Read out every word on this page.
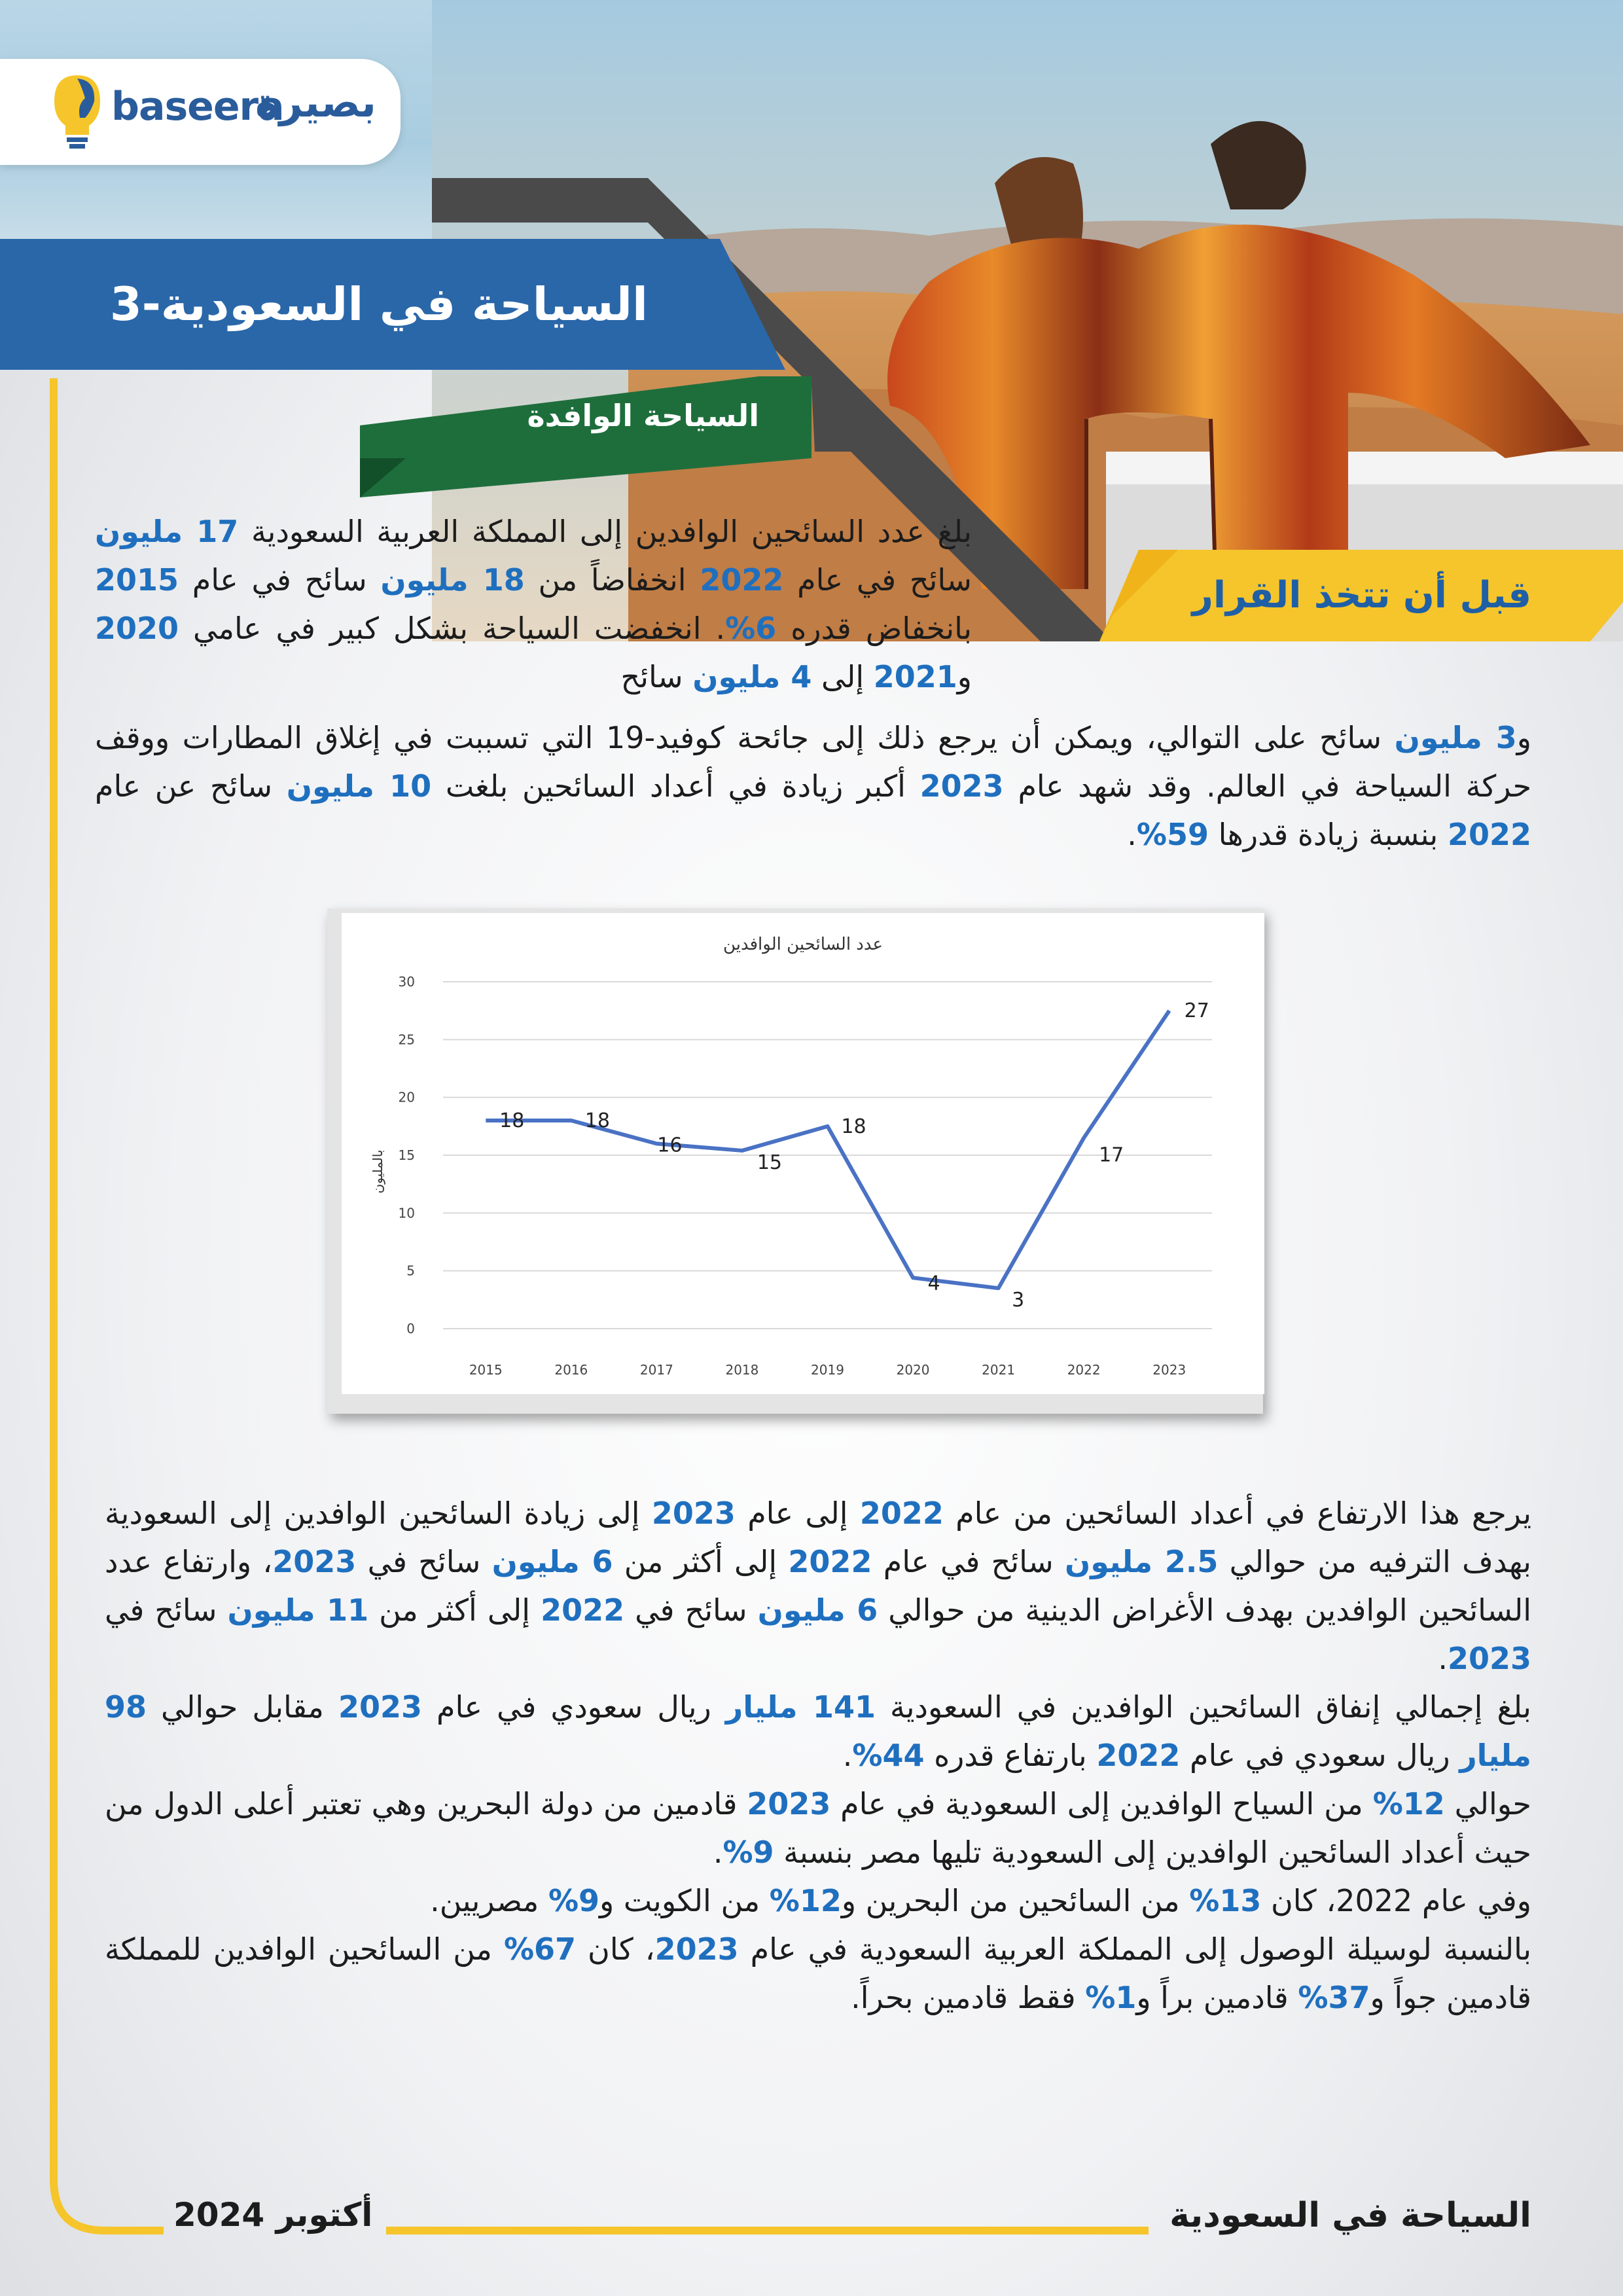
baseera
بصيرة
3-السياحة في السعودية
السياحة الوافدة
قبل أن تتخذ القرار
بلغ عدد السائحين الوافدين إلى المملكة العربية السعودية 17 مليون سائح في عام 2022 انخفاضاً من 18 مليون سائح في عام 2015 بانخفاض قدره 6%. انخفضت السياحة بشكل كبير في عامي 2020 و2021 إلى 4 مليون سائح
و3 مليون سائح على التوالي، ويمكن أن يرجع ذلك إلى جائحة كوفيد-19 التي تسببت في إغلاق المطارات ووقف حركة السياحة في العالم. وقد شهد عام 2023 أكبر زيادة في أعداد السائحين بلغت 10 مليون سائح عن عام 2022 بنسبة زيادة قدرها 59%.
0
5
10
15
20
25
30
2015	2016	2017	2018	2019	2020	2021	2022	2023
18	18
16
15
18
4
3
17
27
عدد السائحين الوافدين
بالمليون

يرجع هذا الارتفاع في أعداد السائحين من عام 2022 إلى عام 2023 إلى زيادة السائحين الوافدين إلى السعودية بهدف الترفيه من حوالي 2.5 مليون سائح في عام 2022 إلى أكثر من 6 مليون سائح في 2023، وارتفاع عدد السائحين الوافدين بهدف الأغراض الدينية من حوالي 6 مليون سائح في 2022 إلى أكثر من 11 مليون سائح في 2023.

بلغ إجمالي إنفاق السائحين الوافدين في السعودية 141 مليار ريال سعودي في عام 2023 مقابل حوالي 98 مليار ريال سعودي في عام 2022 بارتفاع قدره 44%.

حوالي 12% من السياح الوافدين إلى السعودية في عام 2023 قادمين من دولة البحرين وهي تعتبر أعلى الدول من حيث أعداد السائحين الوافدين إلى السعودية تليها مصر بنسبة 9%.

وفي عام 2022، كان 13% من السائحين من البحرين و12% من الكويت و9% مصريين.

بالنسبة لوسيلة الوصول إلى المملكة العربية السعودية في عام 2023، كان 67% من السائحين الوافدين للمملكة قادمين جواً و37% قادمين براً و1% فقط قادمين بحراً.

السياحة في السعودية
أكتوبر 2024
